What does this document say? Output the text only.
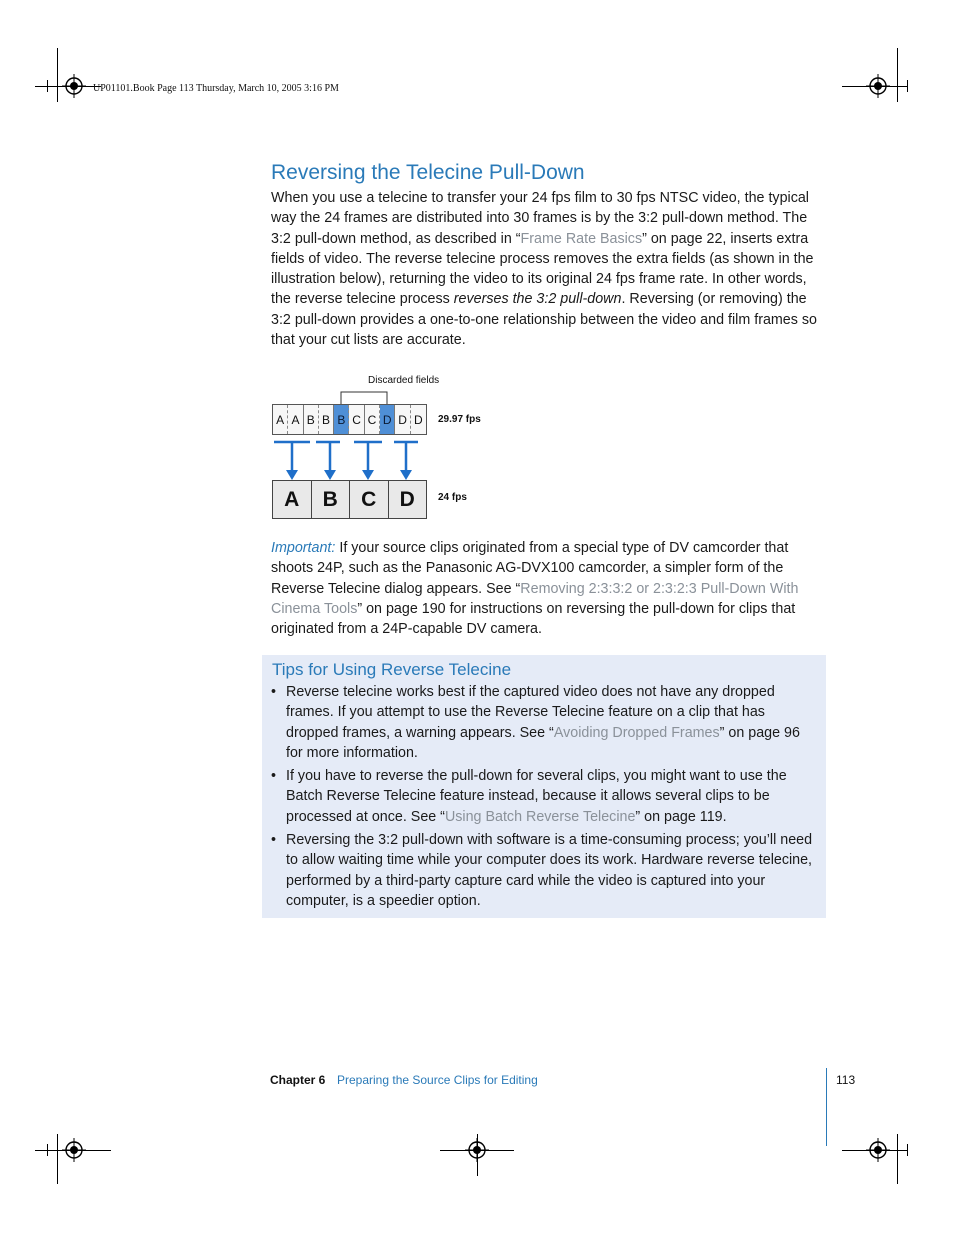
UP01101.Book Page 113 Thursday, March 10, 2005 3:16 PM
Reversing the Telecine Pull-Down

When you use a telecine to transfer your 24 fps film to 30 fps NTSC video, the typical way the 24 frames are distributed into 30 frames is by the 3:2 pull-down method. The 3:2 pull-down method, as described in “Frame Rate Basics” on page 22, inserts extra fields of video. The reverse telecine process removes the extra fields (as shown in the illustration below), returning the video to its original 24 fps frame rate. In other words, the reverse telecine process reverses the 3:2 pull-down. Reversing (or removing) the 3:2 pull-down provides a one-to-one relationship between the video and film frames so that your cut lists are accurate.

Discarded fields
A A B B B C C D D D	29.97 fps
A	B	C	D	24 fps

Important: If your source clips originated from a special type of DV camcorder that shoots 24P, such as the Panasonic AG-DVX100 camcorder, a simpler form of the Reverse Telecine dialog appears. See “Removing 2:3:3:2 or 2:3:2:3 Pull-Down With Cinema Tools” on page 190 for instructions on reversing the pull-down for clips that originated from a 24P-capable DV camera.

Tips for Using Reverse Telecine
• Reverse telecine works best if the captured video does not have any dropped frames. If you attempt to use the Reverse Telecine feature on a clip that has dropped frames, a warning appears. See “Avoiding Dropped Frames” on page 96 for more information.
• If you have to reverse the pull-down for several clips, you might want to use the Batch Reverse Telecine feature instead, because it allows several clips to be processed at once. See “Using Batch Reverse Telecine” on page 119.
• Reversing the 3:2 pull-down with software is a time-consuming process; you’ll need to allow waiting time while your computer does its work. Hardware reverse telecine, performed by a third-party capture card while the video is captured into your computer, is a speedier option.
Chapter 6 Preparing the Source Clips for Editing	113
